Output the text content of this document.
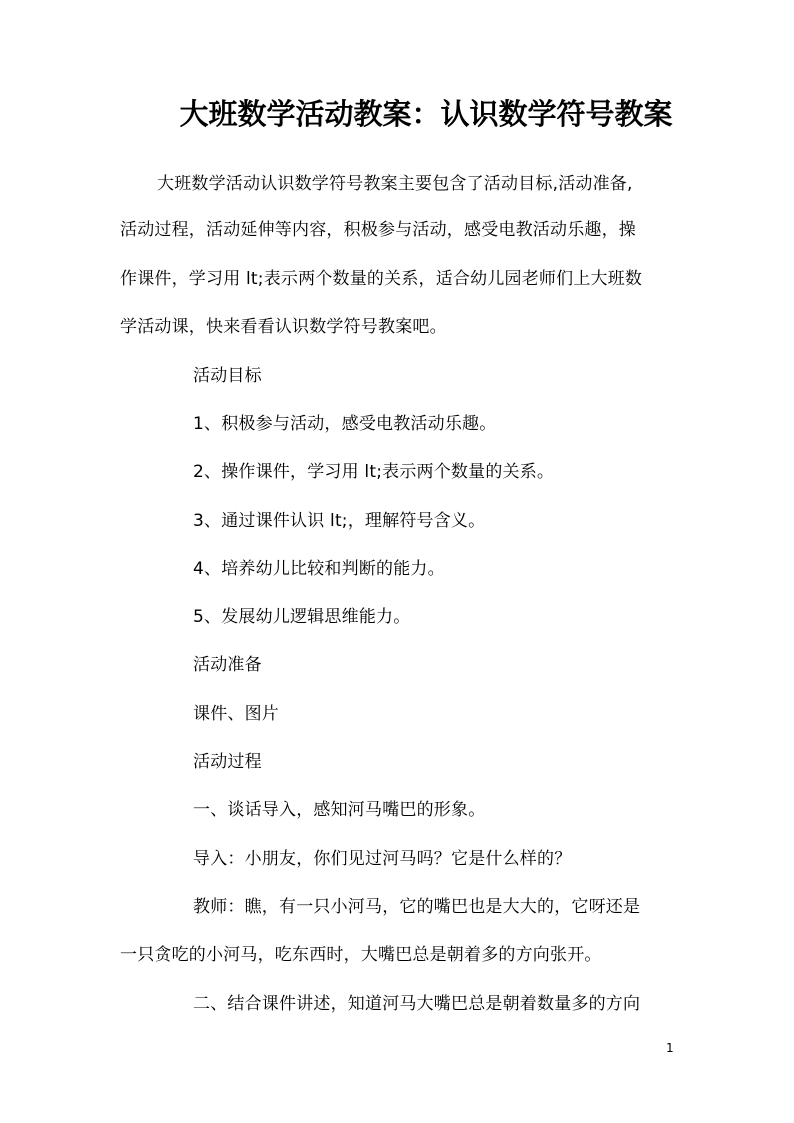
大班数学活动教案：认识数学符号教案
大班数学活动认识数学符号教案主要包含了活动目标,活动准备,
活动过程，活动延伸等内容，积极参与活动，感受电教活动乐趣，操
作课件，学习用 lt;表示两个数量的关系，适合幼儿园老师们上大班数
学活动课，快来看看认识数学符号教案吧。
活动目标
1、积极参与活动，感受电教活动乐趣。
2、操作课件，学习用 lt;表示两个数量的关系。
3、通过课件认识 lt;，理解符号含义。
4、培养幼儿比较和判断的能力。
5、发展幼儿逻辑思维能力。
活动准备
课件、图片
活动过程
一、谈话导入，感知河马嘴巴的形象。
导入：小朋友，你们见过河马吗？它是什么样的？
教师：瞧，有一只小河马，它的嘴巴也是大大的，它呀还是
一只贪吃的小河马，吃东西时，大嘴巴总是朝着多的方向张开。
二、结合课件讲述，知道河马大嘴巴总是朝着数量多的方向
1
